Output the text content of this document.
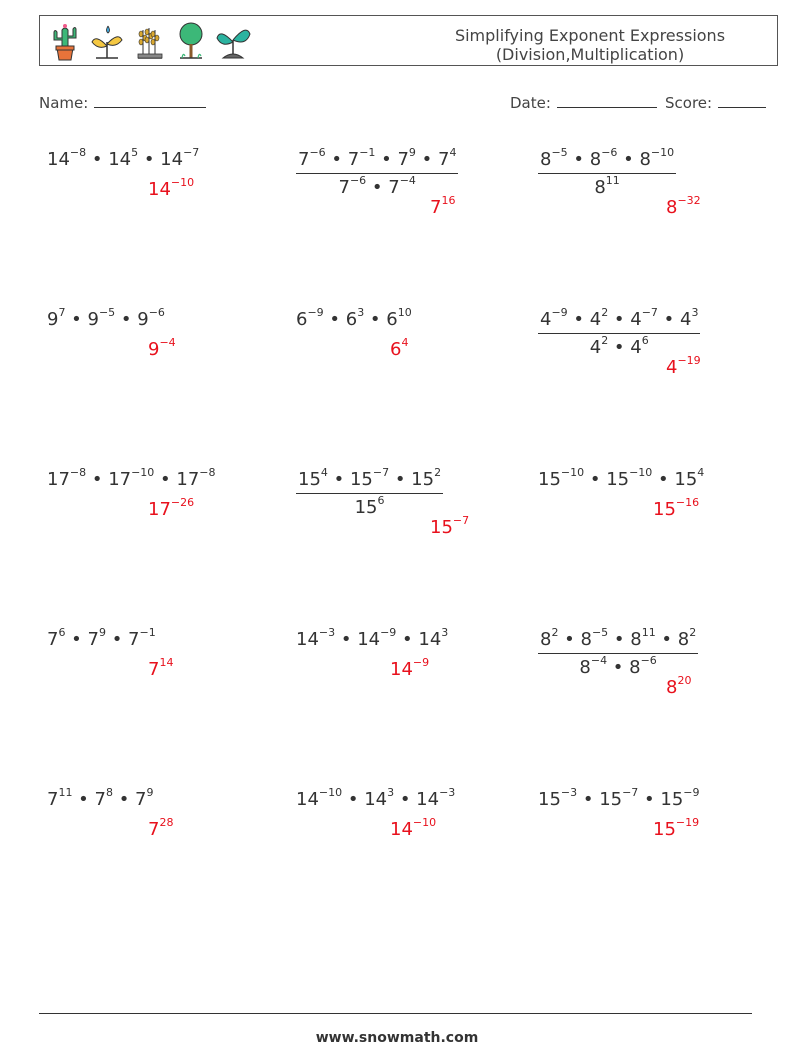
Simplifying Exponent Expressions
(Division,Multiplication)
Name:	Date:	Score:
$14^{-8}$ • $14^5$ • $14^{-7}$
$14^{-10}$	$\frac{7^{-6} • 7^{-1} • 7^9 • 7^4}{7^{-6} • 7^{-4}}$
$7^{16}$
$\frac{8^{-5} • 8^{-6} • 8^{-10}}{8^{11}}$
$8^{-32}$
$9^7$ • $9^{-5}$ • $9^{-6}$
$9^{-4}$
$6^{-9}$ • $6^3$ • $6^{10}$
$6^4$	$\frac{4^{-9} • 4^2 • 4^{-7} • 4^3}{4^2 • 4^6}$
$4^{-19}$
$17^{-8}$ • $17^{-10}$ • $17^{-8}$
$17^{-26}$	$\frac{15^4 • 15^{-7} • 15^2}{15^6}$
$15^{-7}$
$15^{-10}$ • $15^{-10}$ • $15^4$
$15^{-16}$
$7^6$ • $7^9$ • $7^{-1}$
$7^{14}$
$14^{-3}$ • $14^{-9}$ • $14^3$
$14^{-9}$	$\frac{8^2 • 8^{-5} • 8^{11} • 8^2}{8^{-4} • 8^{-6}}$
$8^{20}$
$7^{11}$ • $7^8$ • $7^9$
$7^{28}$
$14^{-10}$ • $14^3$ • $14^{-3}$
$14^{-10}$
$15^{-3}$ • $15^{-7}$ • $15^{-9}$
$15^{-19}$
www.snowmath.com
